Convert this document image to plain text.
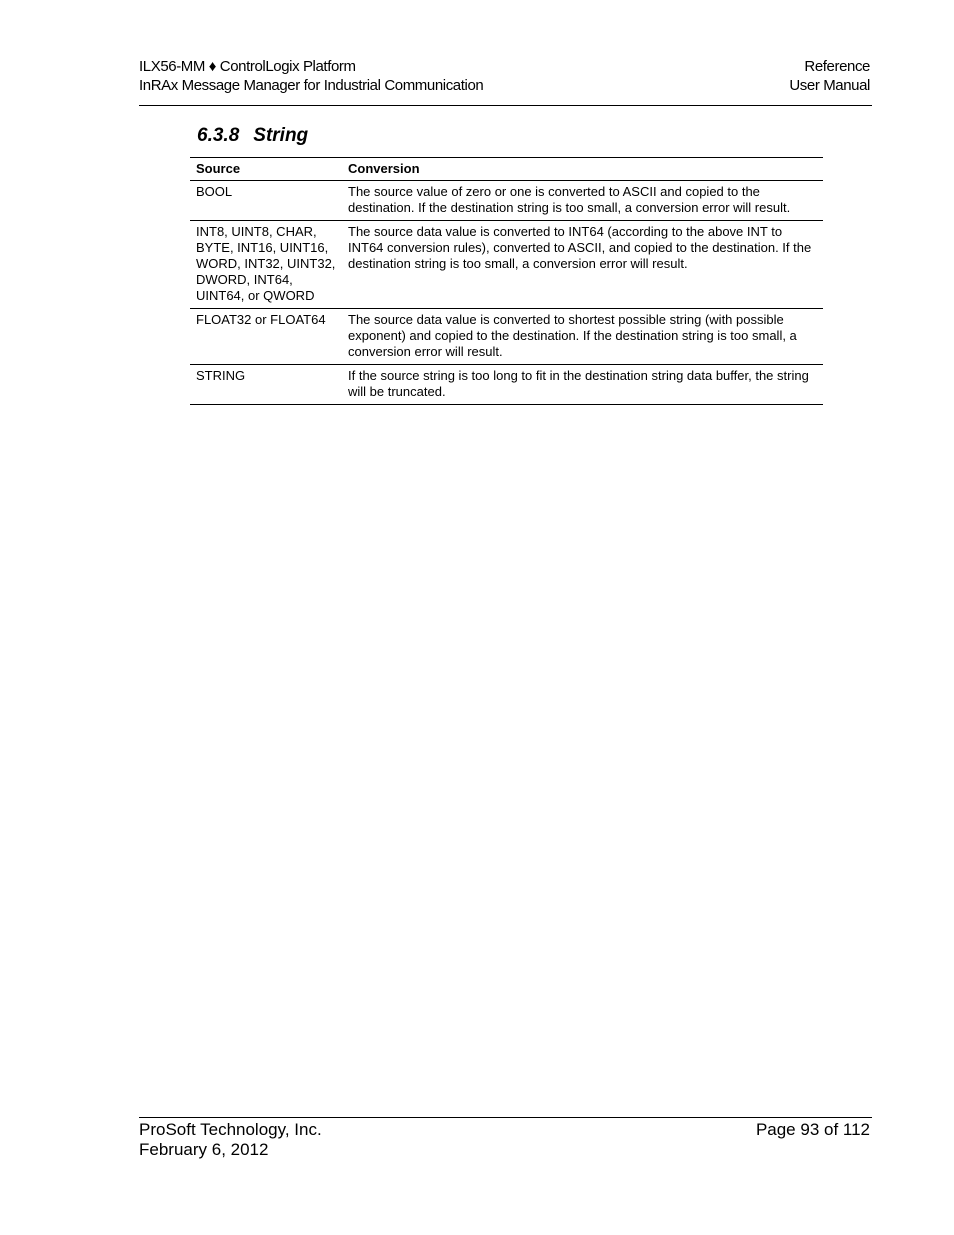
ILX56-MM ♦ ControlLogix Platform	Reference
InRAx Message Manager for Industrial Communication	User Manual
6.3.8 String
Source	Conversion
BOOL	The source value of zero or one is converted to ASCII and copied to the destination. If the destination string is too small, a conversion error will result.
INT8, UINT8, CHAR, BYTE, INT16, UINT16, WORD, INT32, UINT32, DWORD, INT64, UINT64, or QWORD	The source data value is converted to INT64 (according to the above INT to INT64 conversion rules), converted to ASCII, and copied to the destination. If the destination string is too small, a conversion error will result.
FLOAT32 or FLOAT64	The source data value is converted to shortest possible string (with possible exponent) and copied to the destination. If the destination string is too small, a conversion error will result.
STRING	If the source string is too long to fit in the destination string data buffer, the string will be truncated.
ProSoft Technology, Inc.	Page 93 of 112
February 6, 2012
